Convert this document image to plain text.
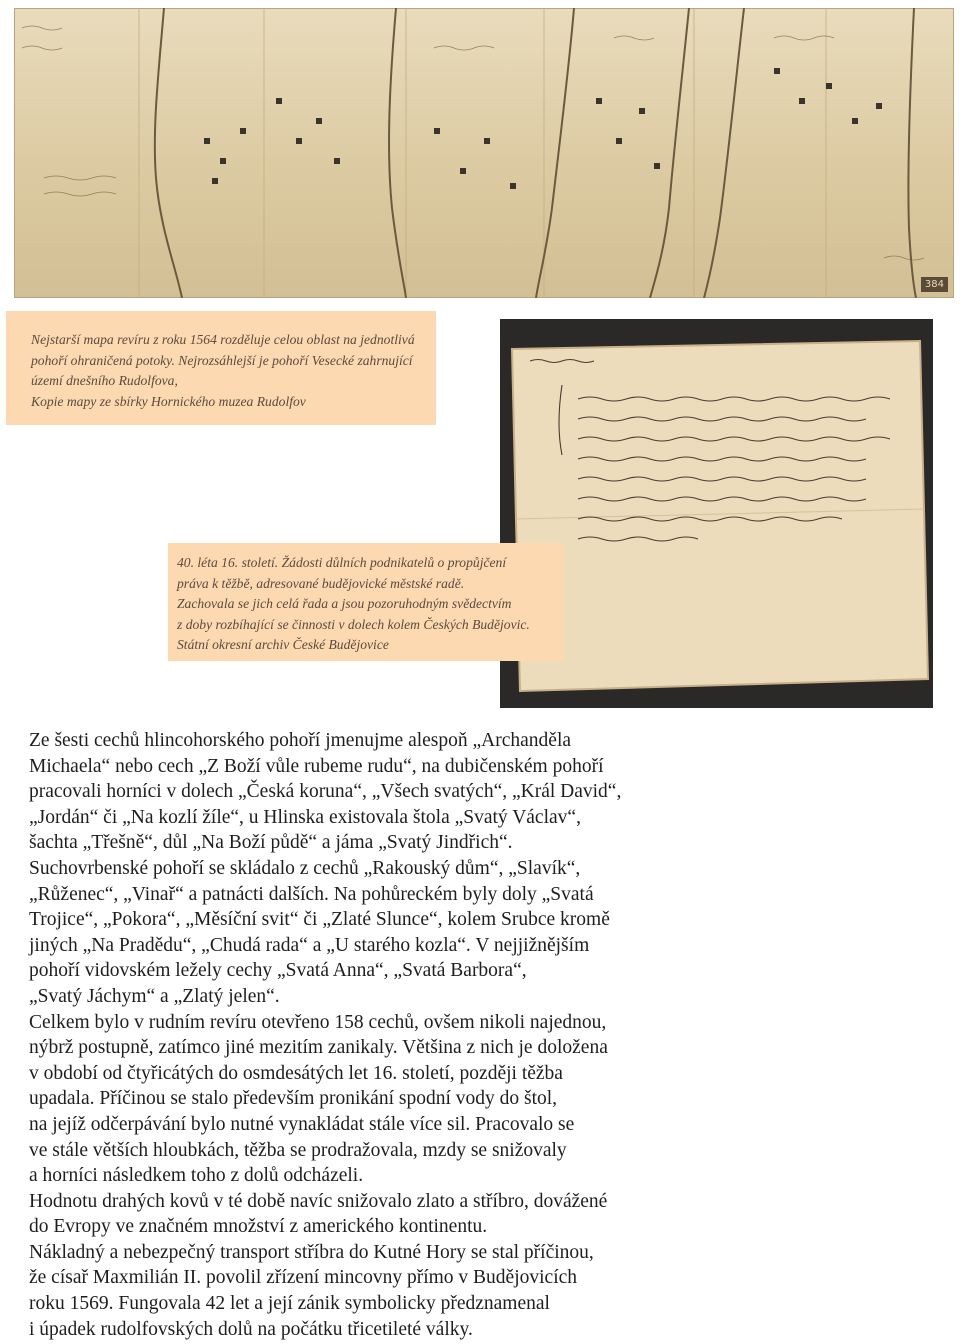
384
Nejstarší mapa revíru z roku 1564 rozděluje celou oblast na jednotlivá
pohoří ohraničená potoky. Nejrozsáhlejší je pohoří Vesecké zahrnující
území dnešního Rudolfova,
Kopie mapy ze sbírky Hornického muzea Rudolfov
40. léta 16. století. Žádosti důlních podnikatelů o propůjčení
práva k těžbě, adresované budějovické městské radě.
Zachovala se jich celá řada a jsou pozoruhodným svědectvím
z doby rozbíhající se činnosti v dolech kolem Českých Budějovic.
Státní okresní archiv České Budějovice
Ze šesti cechů hlincohorského pohoří jmenujme alespoň „Archanděla
Michaela“ nebo cech „Z Boží vůle rubeme rudu“, na dubičenském pohoří
pracovali horníci v dolech „Česká koruna“, „Všech svatých“, „Král David“,
„Jordán“ či „Na kozlí žíle“, u Hlinska existovala štola „Svatý Václav“,
šachta „Třešně“, důl „Na Boží půdě“ a jáma „Svatý Jindřich“.
Suchovrbenské pohoří se skládalo z cechů „Rakouský dům“, „Slavík“,
„Růženec“, „Vinař“ a patnácti dalších. Na pohůreckém byly doly „Svatá
Trojice“, „Pokora“, „Měsíční svit“ či „Zlaté Slunce“, kolem Srubce kromě
jiných „Na Pradědu“, „Chudá rada“ a „U starého kozla“. V nejjižnějším
pohoří vidovském ležely cechy „Svatá Anna“, „Svatá Barbora“,
„Svatý Jáchym“ a „Zlatý jelen“.
Celkem bylo v rudním revíru otevřeno 158 cechů, ovšem nikoli najednou,
nýbrž postupně, zatímco jiné mezitím zanikaly. Většina z nich je doložena
v období od čtyřicátých do osmdesátých let 16. století, později těžba
upadala. Příčinou se stalo především pronikání spodní vody do štol,
na jejíž odčerpávání bylo nutné vynakládat stále více sil. Pracovalo se
ve stále větších hloubkách, těžba se prodražovala, mzdy se snižovaly
a horníci následkem toho z dolů odcházeli.
Hodnotu drahých kovů v té době navíc snižovalo zlato a stříbro, dovážené
do Evropy ve značném množství z amerického kontinentu.
Nákladný a nebezpečný transport stříbra do Kutné Hory se stal příčinou,
že císař Maxmilián II. povolil zřízení mincovny přímo v Budějovicích
roku 1569. Fungovala 42 let a její zánik symbolicky předznamenal
i úpadek rudolfovských dolů na počátku třicetileté války.
